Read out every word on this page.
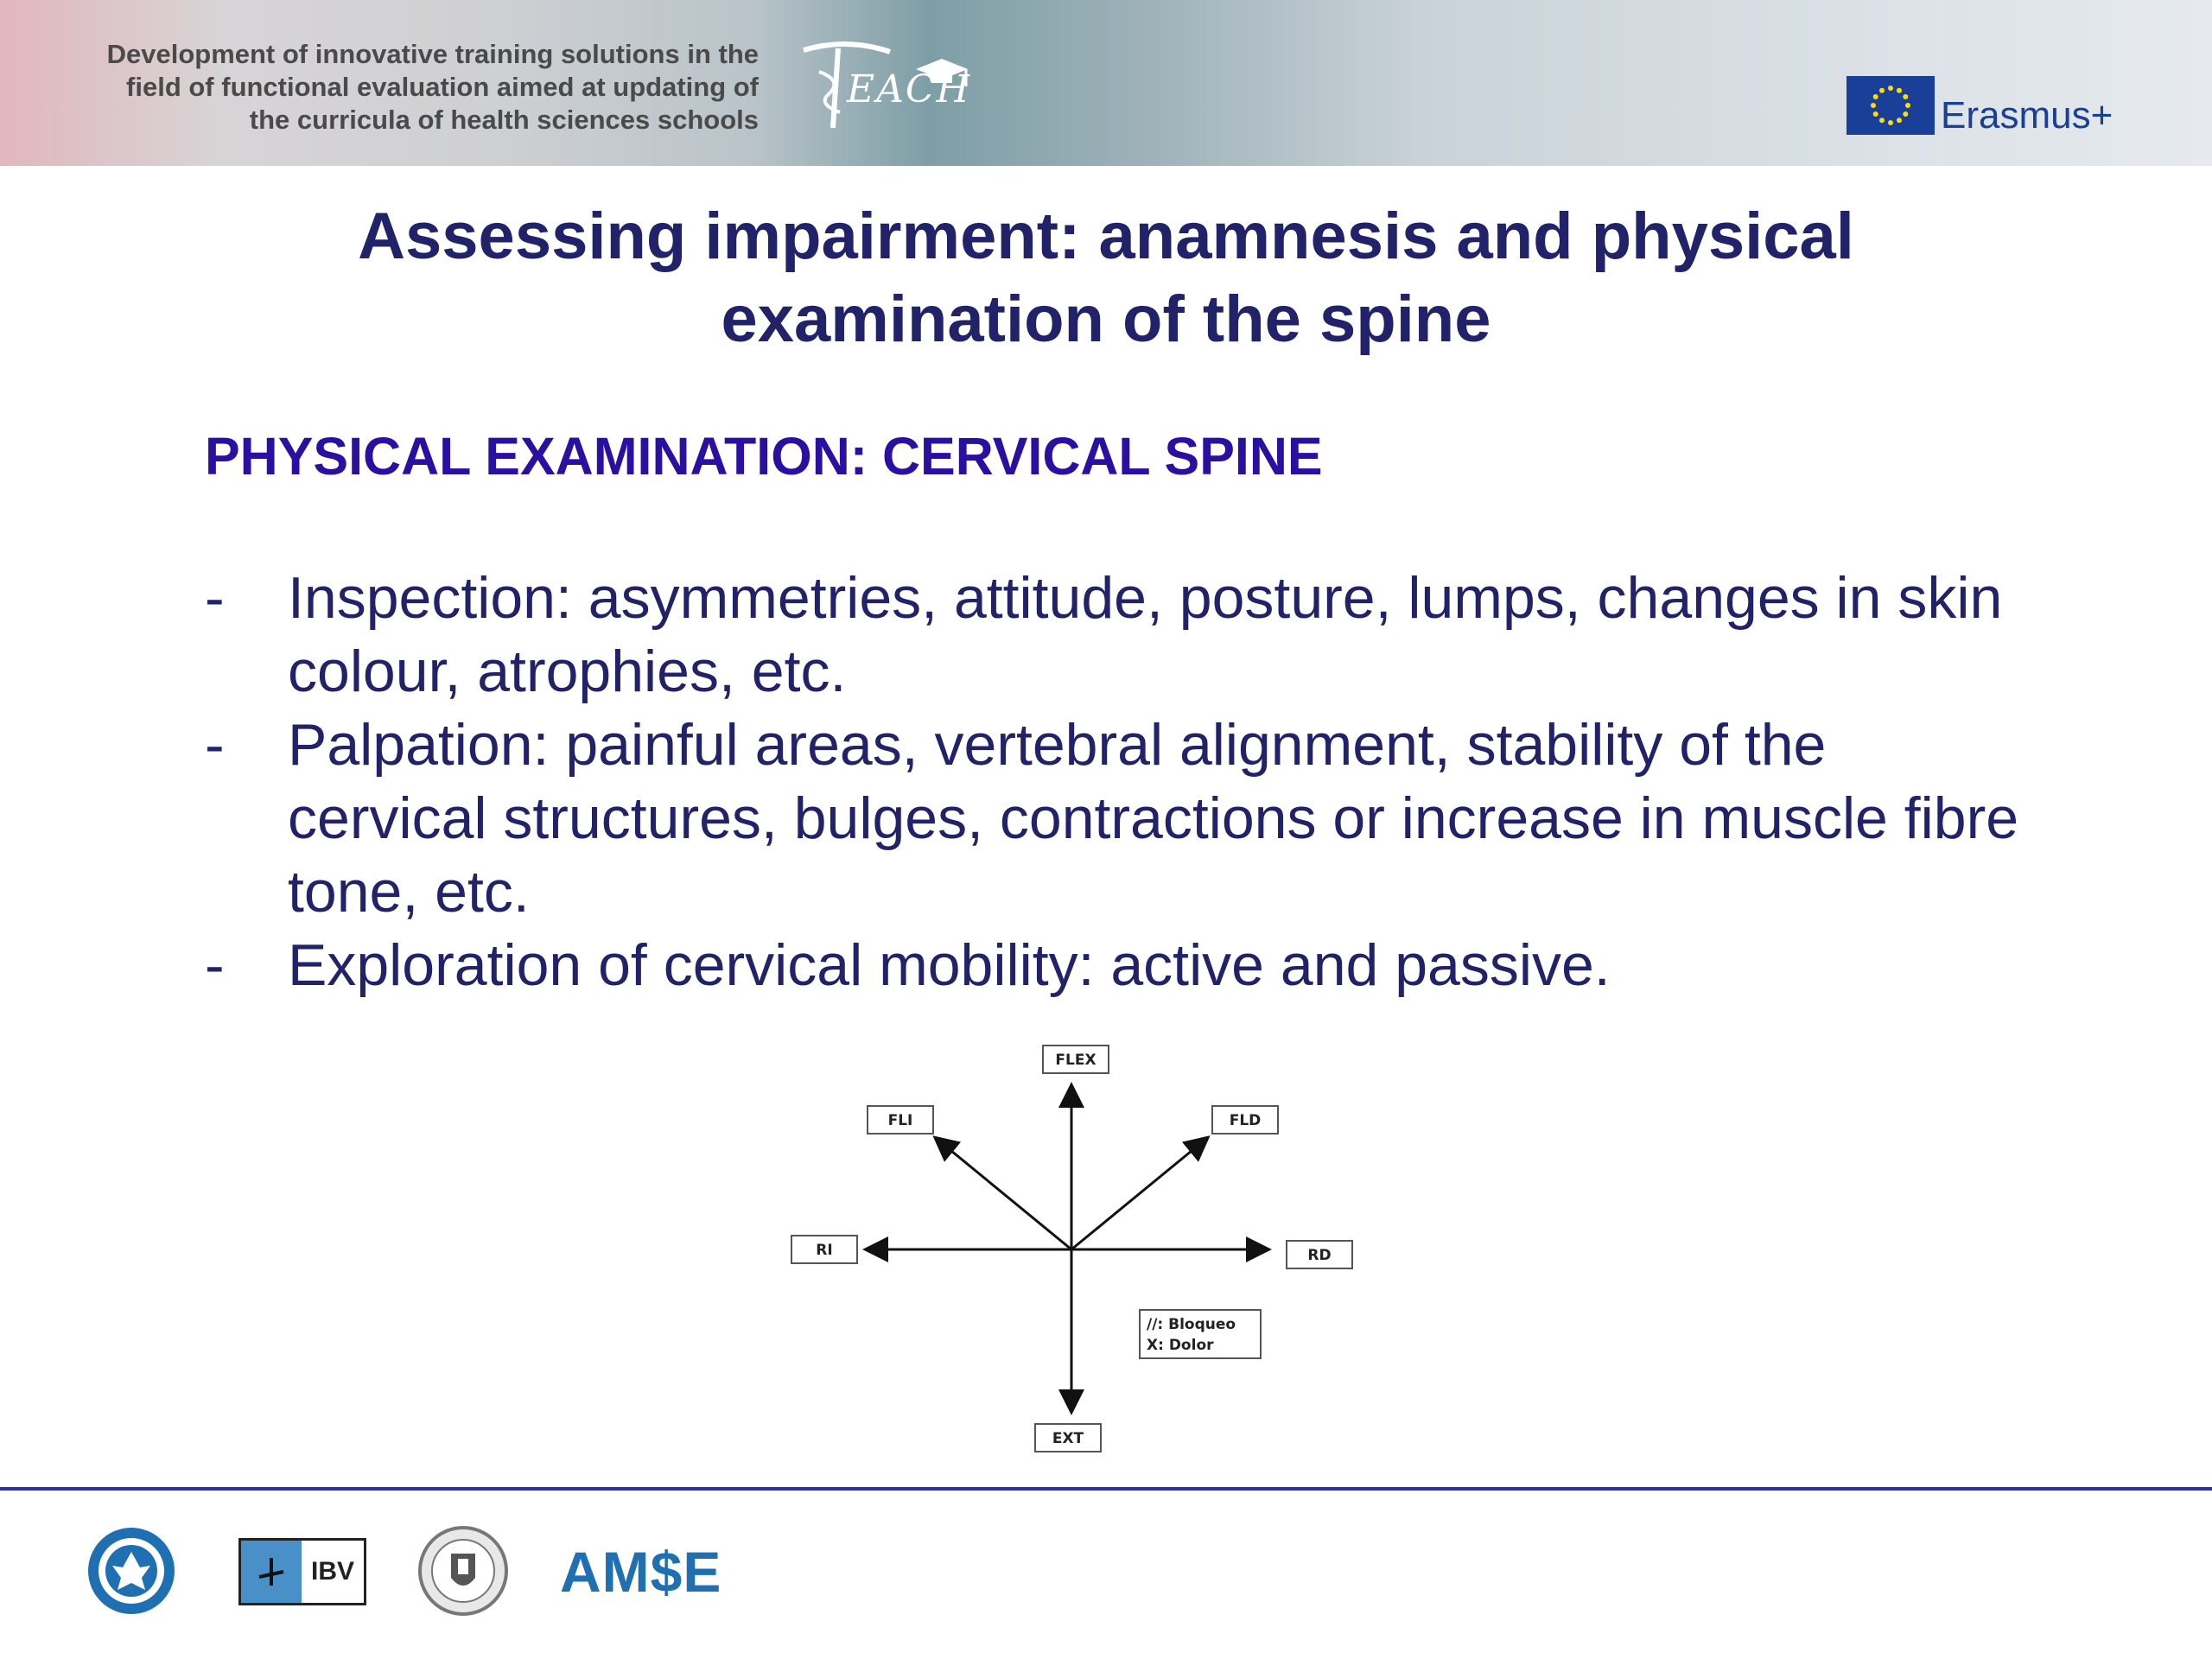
Development of innovative training solutions in the
field of functional evaluation aimed at updating of
the curricula of health sciences schools
EACH
Erasmus+
Assessing impairment: anamnesis and physical
examination of the spine
PHYSICAL EXAMINATION: CERVICAL SPINE
- Inspection: asymmetries, attitude, posture, lumps, changes in skin
colour, atrophies, etc.
- Palpation: painful areas, vertebral alignment, stability of the
cervical structures, bulges, contractions or increase in muscle fibre
tone, etc.
- Exploration of cervical mobility: active and passive.
FLEX
FLI	FLD
RI	RD
EXT
//: Bloqueo
X: Dolor
IBV	AM$E
